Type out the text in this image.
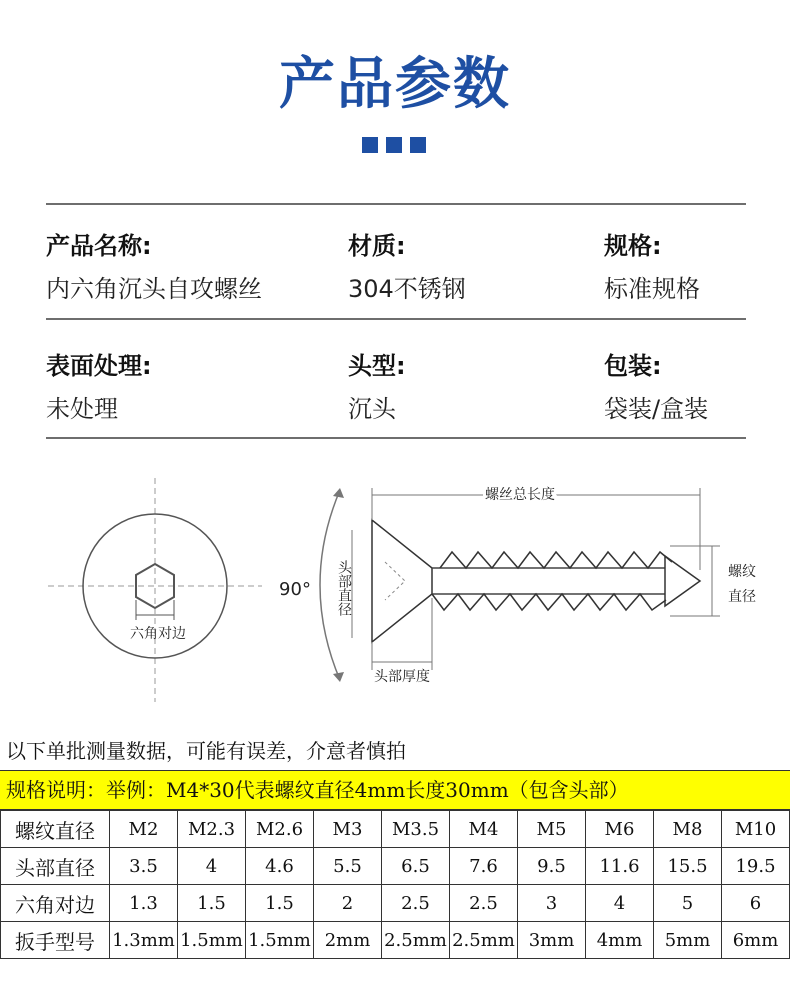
产品参数
产品名称:
内六角沉头自攻螺丝
材质:
304不锈钢
规格:
标准规格
表面处理:
未处理
头型:
沉头
包装:
袋装/盒装
六角对边
90° 头部直径
螺丝总长度
螺纹
直径
头部厚度
以下单批测量数据，可能有误差，介意者慎拍
规格说明：举例：M4*30代表螺纹直径4mm长度30mm（包含头部）
螺纹直径	M2	M2.3	M2.6	M3	M3.5	M4	M5	M6	M8	M10
头部直径	3.5	4	4.6	5.5	6.5	7.6	9.5	11.6	15.5	19.5
六角对边	1.3	1.5	1.5	2	2.5	2.5	3	4	5	6
扳手型号	1.3mm	1.5mm	1.5mm	2mm	2.5mm	2.5mm	3mm	4mm	5mm	6mm
